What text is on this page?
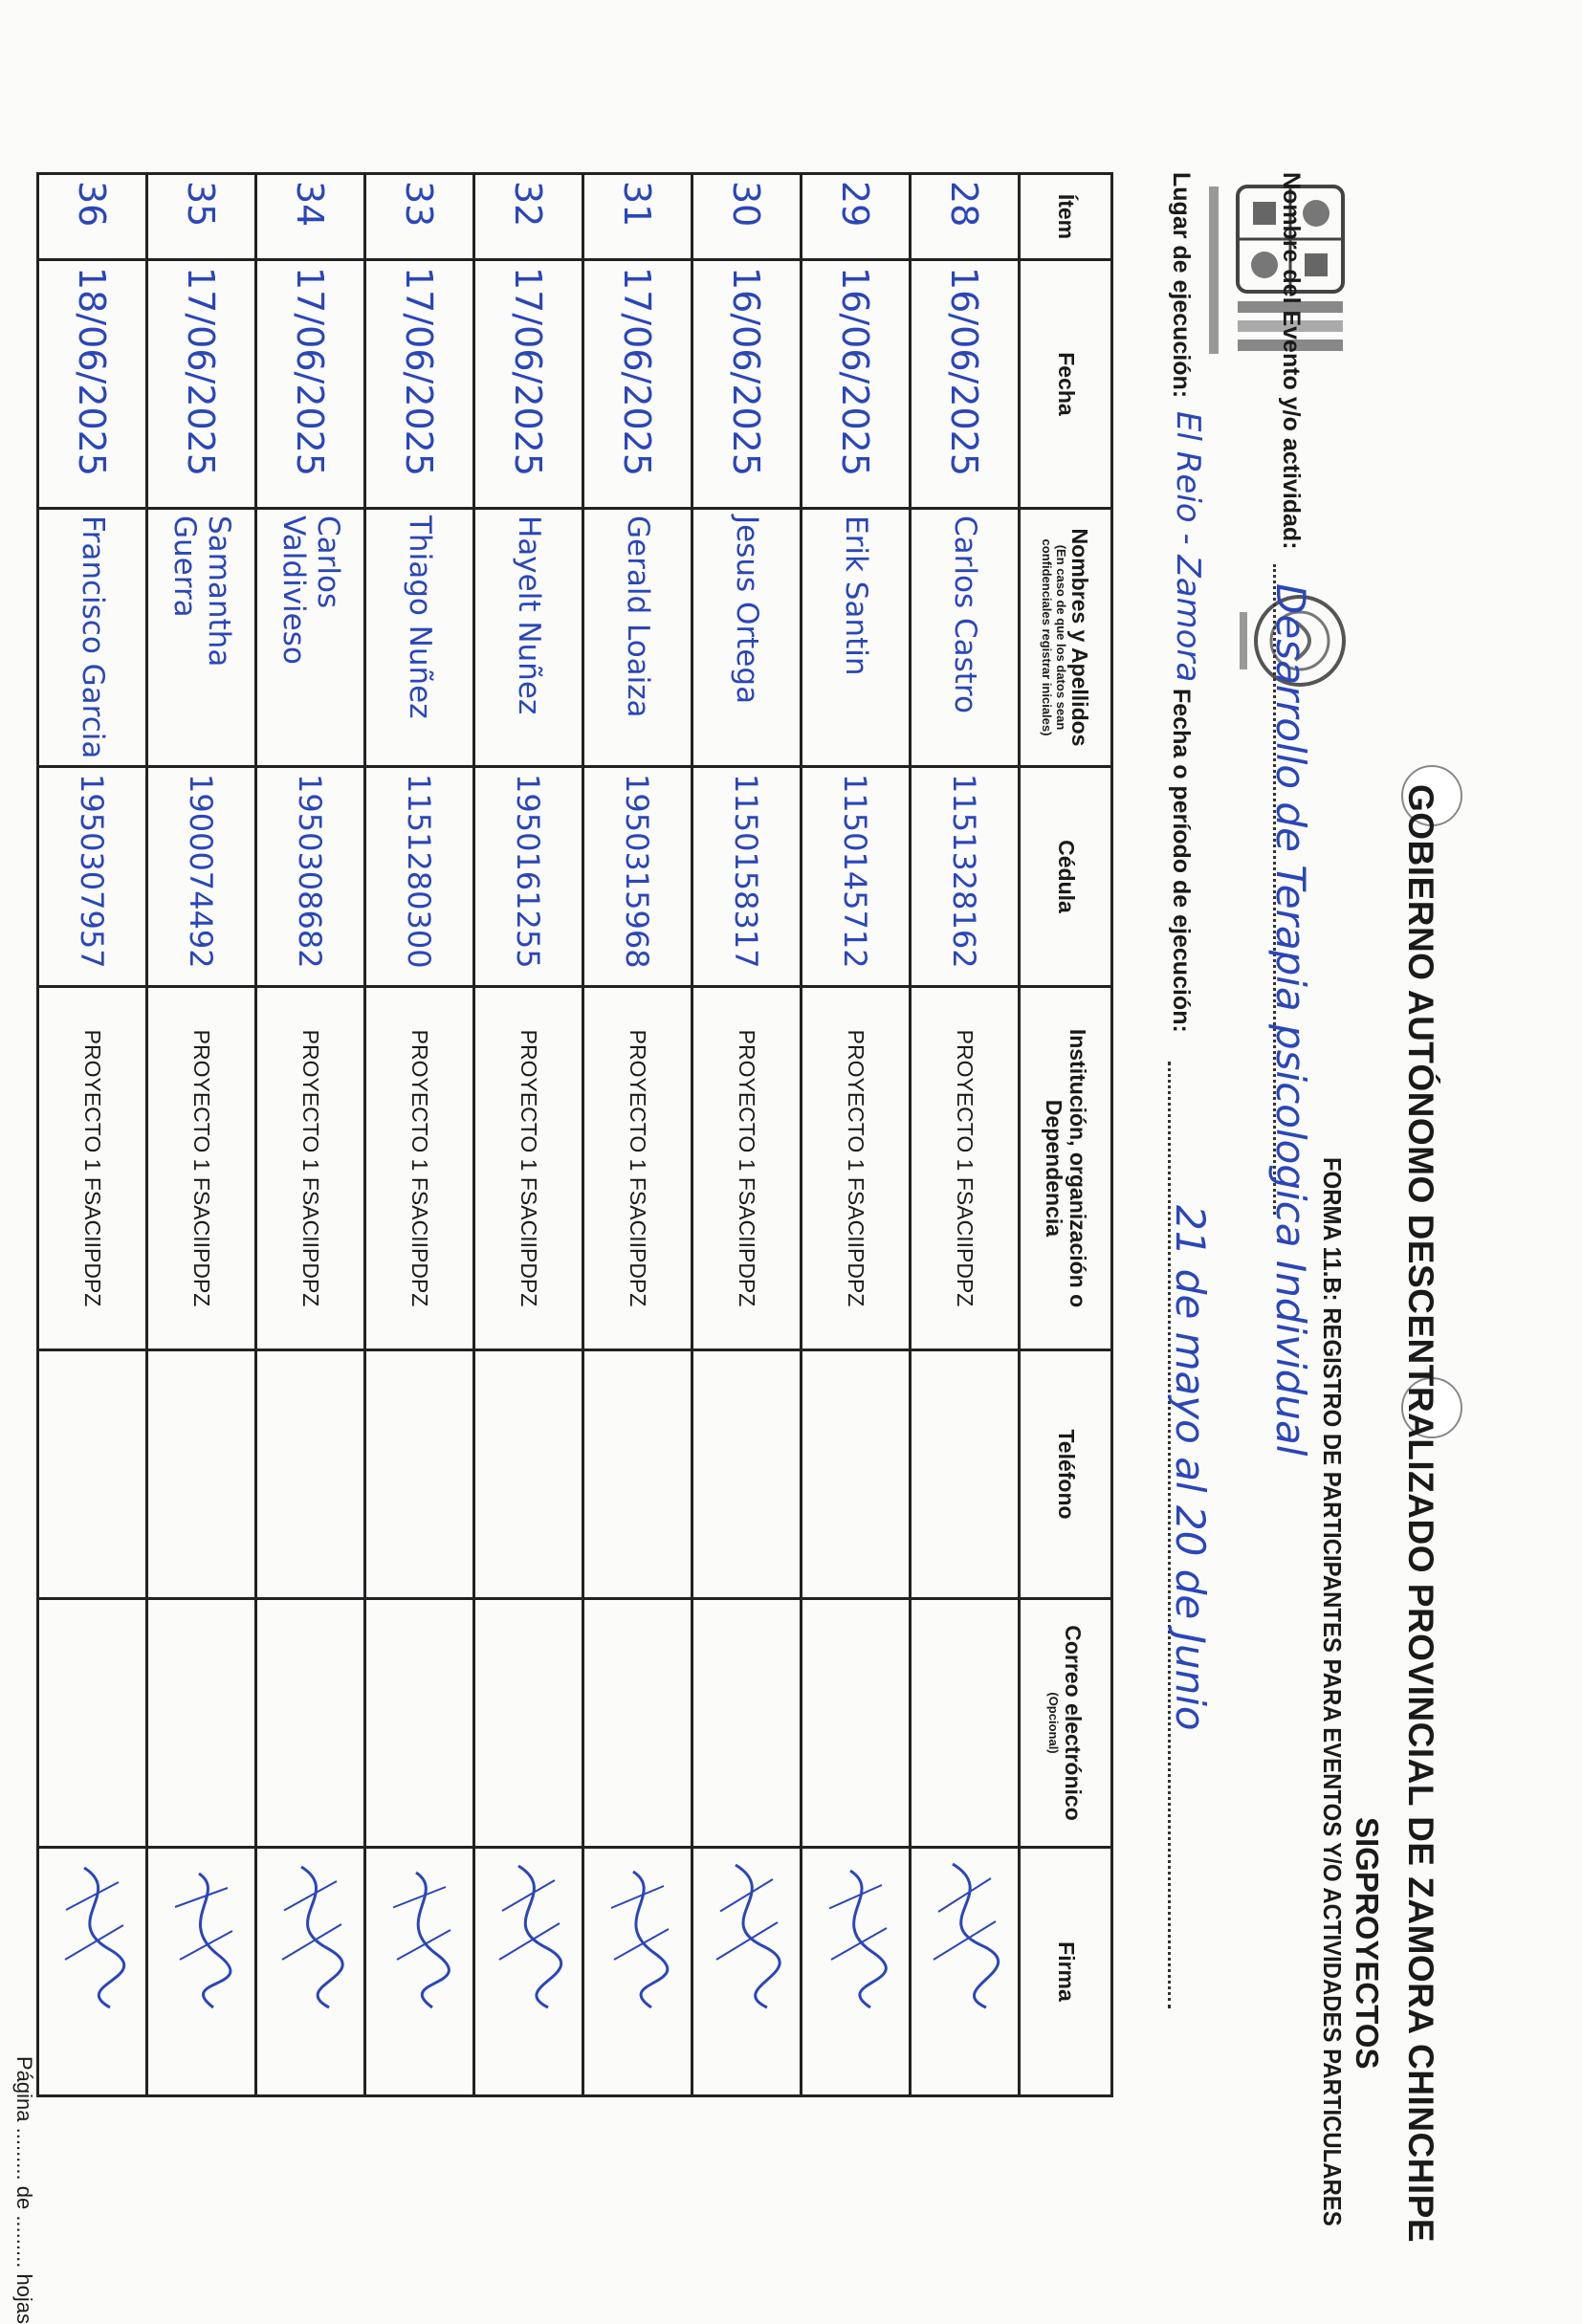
GOBIERNO AUTÓNOMO DESCENTRALIZADO PROVINCIAL DE ZAMORA CHINCHIPE
SIGPROYECTOS
FORMA 11.B: REGISTRO DE PARTICIPANTES PARA EVENTOS Y/O ACTIVIDADES PARTICULARES
Nombre del Evento y/o actividad:
Desarrollo de Terapia psicologica Individual
Lugar de ejecución:
El Reio - Zamora
Fecha o período de ejecución:
21 de mayo al 20 de Junio
Ítem	Fecha	Nombres y Apellidos
(En caso de que los datos sean confidenciales registrar iniciales)	Cédula	Institución, organización o Dependencia	Teléfono	Correo electrónico
(Opcional)	Firma
28	16/06/2025	Carlos Castro	1151328162	PROYECTO 1 FSACIIPDPZ			

29	16/06/2025	Erik Santin	1150145712	PROYECTO 1 FSACIIPDPZ			

30	16/06/2025	Jesus Ortega	1150158317	PROYECTO 1 FSACIIPDPZ			

31	17/06/2025	Gerald Loaiza	1950315968	PROYECTO 1 FSACIIPDPZ			

32	17/06/2025	Hayelt Nuñez	1950161255	PROYECTO 1 FSACIIPDPZ			

33	17/06/2025	Thiago Nuñez	1151280300	PROYECTO 1 FSACIIPDPZ			

34	17/06/2025	Carlos Valdivieso	1950308682	PROYECTO 1 FSACIIPDPZ			

35	17/06/2025	Samantha Guerra	1900074492	PROYECTO 1 FSACIIPDPZ			

36	18/06/2025	Francisco Garcia	1950307957	PROYECTO 1 FSACIIPDPZ			
Página ......... de ......... hojas
